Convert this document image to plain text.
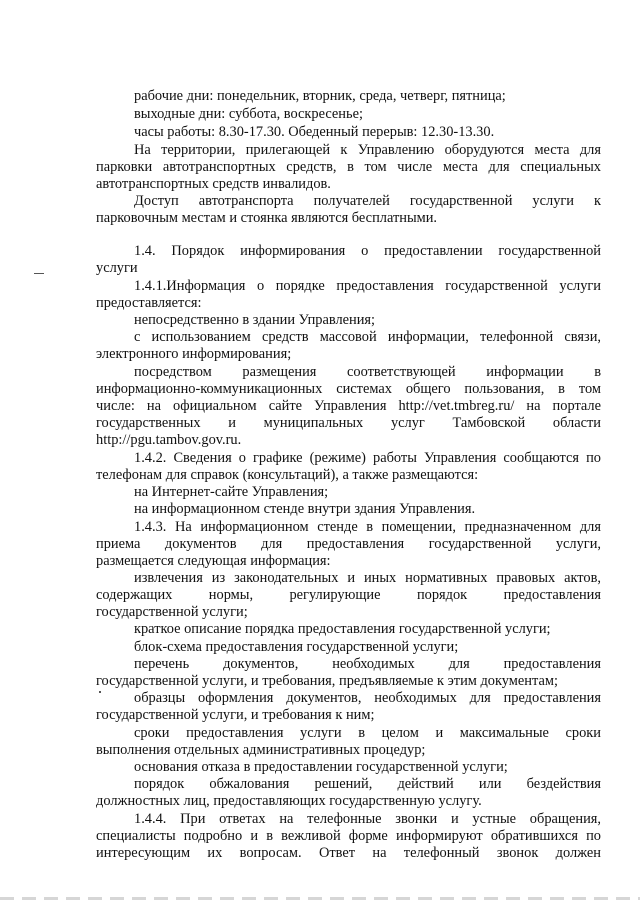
рабочие дни: понедельник, вторник, среда, четверг, пятница;
выходные дни: суббота, воскресенье;
часы работы: 8.30-17.30. Обеденный перерыв: 12.30-13.30.
На территории, прилегающей к Управлению оборудуются места для
парковки автотранспортных средств, в том числе места для специальных
автотранспортных средств инвалидов.
Доступ автотранспорта получателей государственной услуги к
парковочным местам и стоянка являются бесплатными.
1.4. Порядок информирования о предоставлении государственной
услуги
1.4.1.Информация о порядке предоставления государственной услуги
предоставляется:
непосредственно в здании Управления;
с использованием средств массовой информации, телефонной связи,
электронного информирования;
посредством размещения соответствующей информации в
информационно-коммуникационных системах общего пользования, в том
числе: на официальном сайте Управления http://vet.tmbreg.ru/ на портале
государственных и муниципальных услуг Тамбовской области
http://pgu.tambov.gov.ru.
1.4.2. Сведения о графике (режиме) работы Управления сообщаются по
телефонам для справок (консультаций), а также размещаются:
на Интернет-сайте Управления;
на информационном стенде внутри здания Управления.
1.4.3. На информационном стенде в помещении, предназначенном для
приема документов для предоставления государственной услуги,
размещается следующая информация:
извлечения из законодательных и иных нормативных правовых актов,
содержащих нормы, регулирующие порядок предоставления
государственной услуги;
краткое описание порядка предоставления государственной услуги;
блок-схема предоставления государственной услуги;
перечень документов, необходимых для предоставления
государственной услуги, и требования, предъявляемые к этим документам;
образцы оформления документов, необходимых для предоставления
государственной услуги, и требования к ним;
сроки предоставления услуги в целом и максимальные сроки
выполнения отдельных административных процедур;
основания отказа в предоставлении государственной услуги;
порядок обжалования решений, действий или бездействия
должностных лиц, предоставляющих государственную услугу.
1.4.4. При ответах на телефонные звонки и устные обращения,
специалисты подробно и в вежливой форме информируют обратившихся по
интересующим их вопросам. Ответ на телефонный звонок должен
